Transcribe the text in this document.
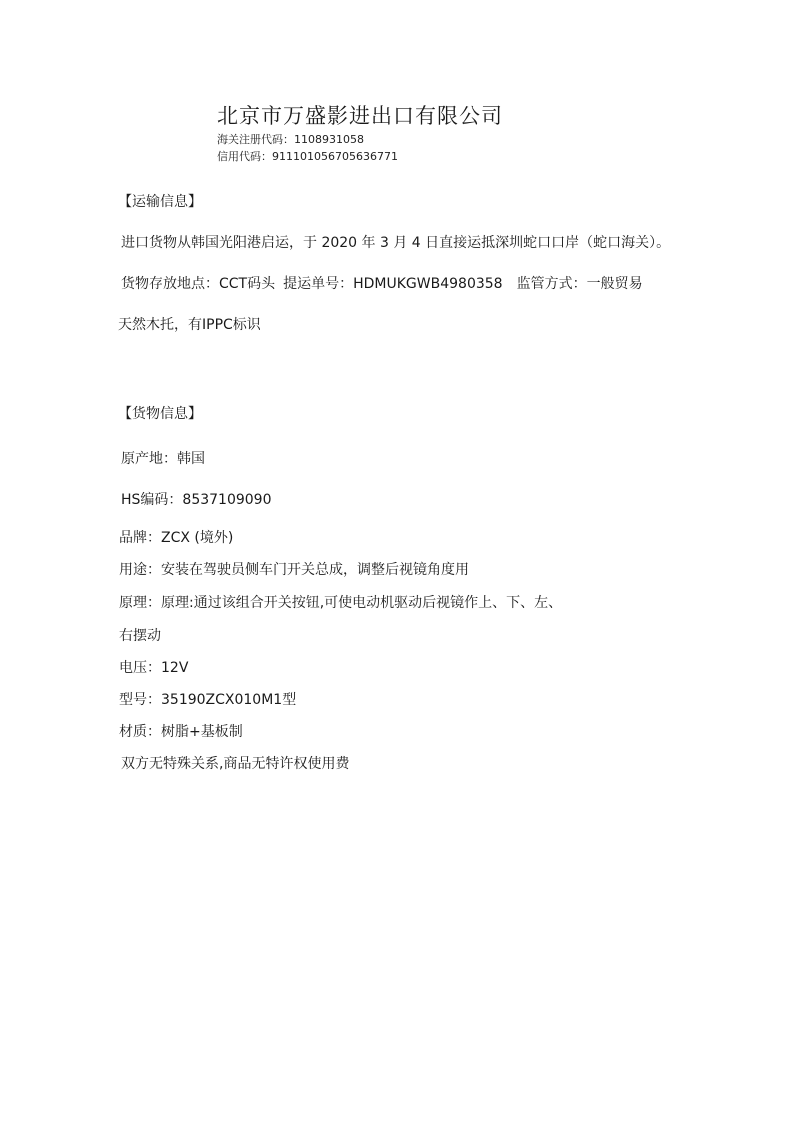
北京市万盛影进出口有限公司
海关注册代码：1108931058
信用代码：911101056705636771
【运输信息】
进口货物从韩国光阳港启运，于 2020 年 3 月 4 日直接运抵深圳蛇口口岸（蛇口海关）。
货物存放地点：CCT码头 提运单号：HDMUKGWB4980358 监管方式：一般贸易
天然木托，有IPPC标识
【货物信息】
原产地：韩国
HS编码：8537109090
品牌：ZCX (境外)
用途：安装在驾驶员侧车门开关总成，调整后视镜角度用
原理：原理:通过该组合开关按钮,可使电动机驱动后视镜作上、下、左、
右摆动
电压：12V
型号：35190ZCX010M1型
材质：树脂+基板制
双方无特殊关系,商品无特许权使用费
